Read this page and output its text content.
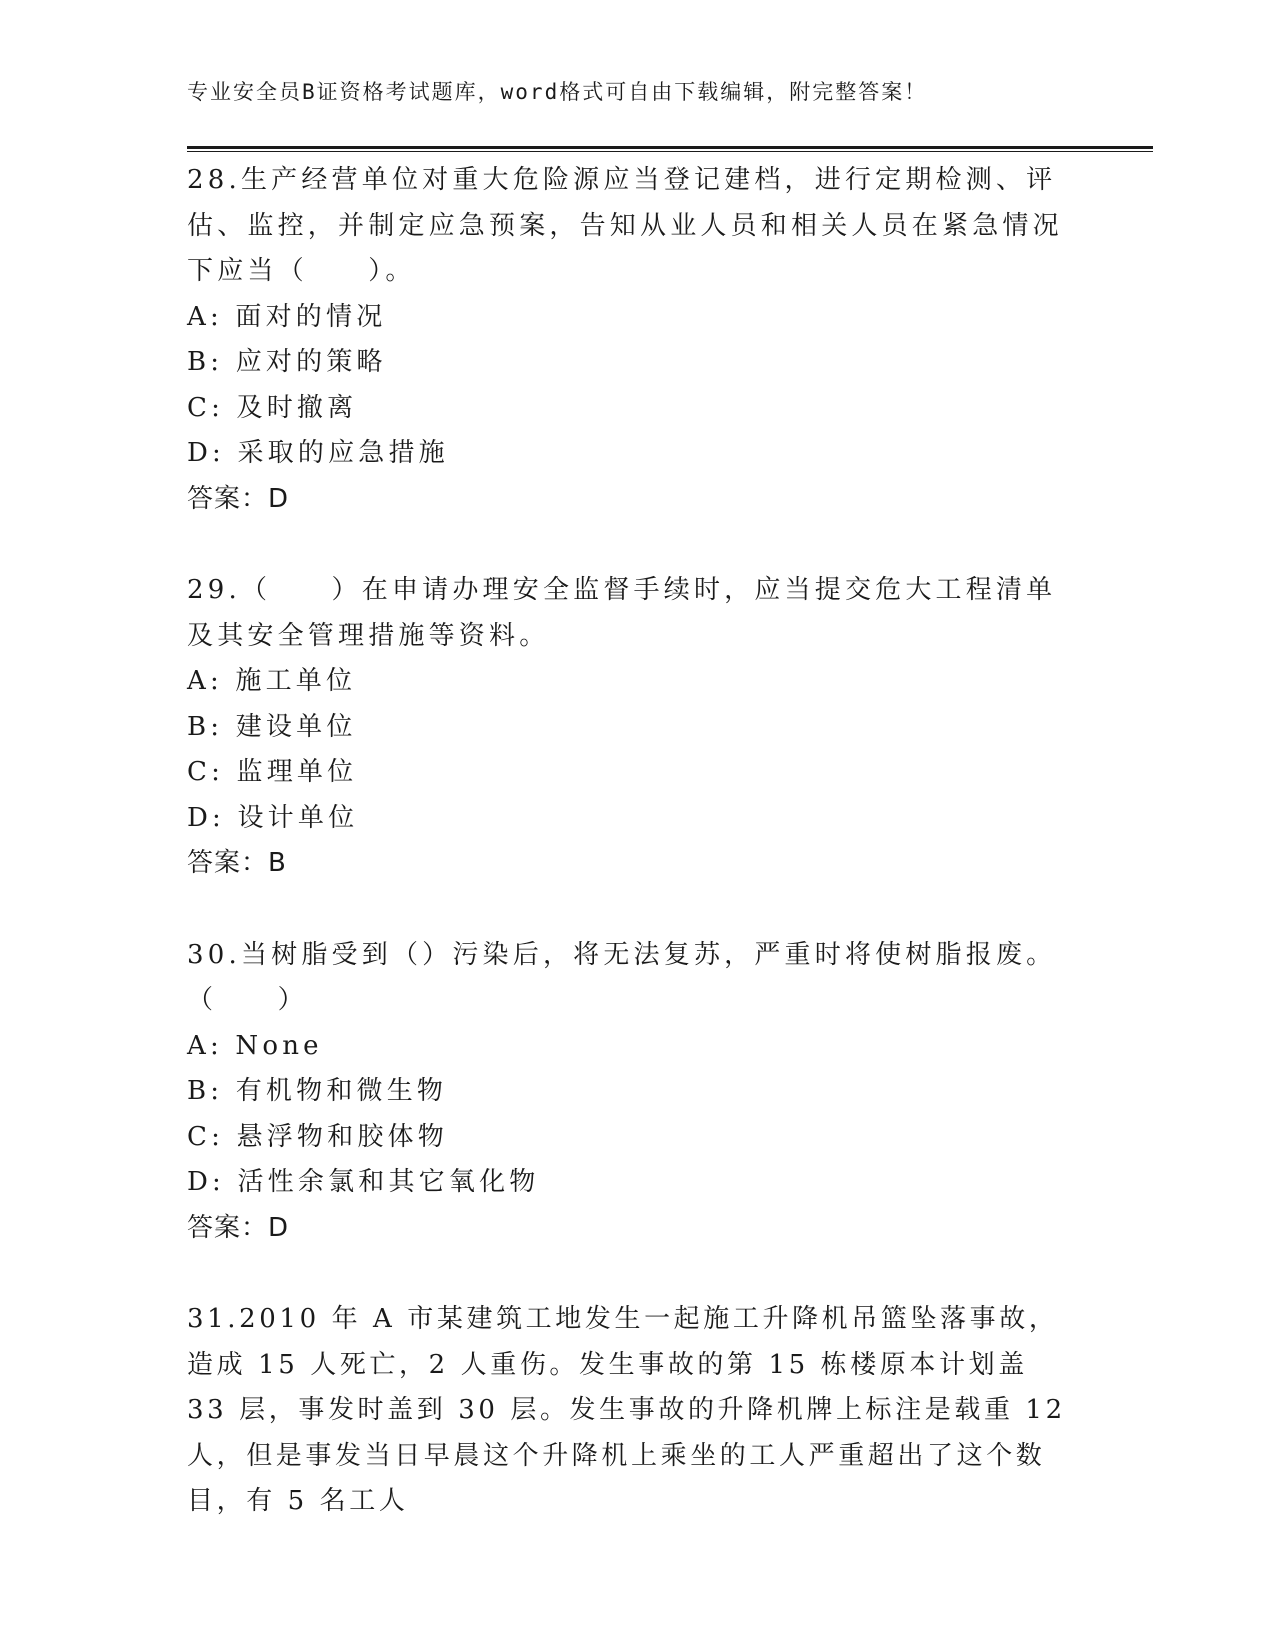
专业安全员B证资格考试题库，word格式可自由下载编辑，附完整答案！

28.生产经营单位对重大危险源应当登记建档，进行定期检测、评估、监控，并制定应急预案，告知从业人员和相关人员在紧急情况下应当（　　）。

A: 面对的情况

B: 应对的策略

C: 及时撤离

D: 采取的应急措施

答案：D

29.（　　）在申请办理安全监督手续时，应当提交危大工程清单及其安全管理措施等资料。

A: 施工单位

B: 建设单位

C: 监理单位

D: 设计单位

答案：B

30.当树脂受到（）污染后，将无法复苏，严重时将使树脂报废。（　　）

A: None

B: 有机物和微生物

C: 悬浮物和胶体物

D: 活性余氯和其它氧化物

答案：D

31.2010 年 A 市某建筑工地发生一起施工升降机吊篮坠落事故，造成 15 人死亡，2 人重伤。发生事故的第 15 栋楼原本计划盖 33 层，事发时盖到 30 层。发生事故的升降机牌上标注是载重 12 人，但是事发当日早晨这个升降机上乘坐的工人严重超出了这个数目，有 5 名工人
